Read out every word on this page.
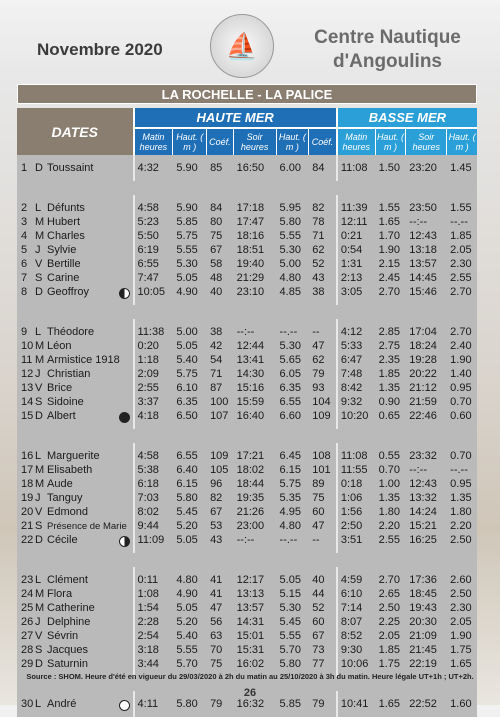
Novembre 2020 ⛵	Centre Nautique
d'Angoulins
LA ROCHELLE - LA PALICE										

DATES	HAUTE MER						BASSE MER			
	Matin heures	Haut. ( m )	Coéf.	Soir heures	Haut. ( m )	Coéf.	Matin heures	Haut. ( m )	Soir heures	Haut. ( m )

1 D Toussaint	4:32	5.90	85	16:50	6.00	84	11:08	1.50	23:20	1.45

2 L Défunts	4:58	5.90	84	17:18	5.95	82	11:39	1.55	23:50	1.55
3 M Hubert	5:23	5.85	80	17:47	5.80	78	12:11	1.65	--:--	--.--
4 M Charles	5:50	5.75	75	18:16	5.55	71	0:21	1.70	12:43	1.85
5 J Sylvie	6:19	5.55	67	18:51	5.30	62	0:54	1.90	13:18	2.05
6 V Bertille	6:55	5.30	58	19:40	5.00	52	1:31	2.15	13:57	2.30
7 S Carine	7:47	5.05	48	21:29	4.80	43	2:13	2.45	14:45	2.55
8 D Geoffroy	10:05	4.90	40	23:10	4.85	38	3:05	2.70	15:46	2.70

9 L Théodore	11:38	5.00	38	--:--	--.--	--	4:12	2.85	17:04	2.70
10 M Léon	0:20	5.05	42	12:44	5.30	47	5:33	2.75	18:24	2.40
11 M Armistice 1918	1:18	5.40	54	13:41	5.65	62	6:47	2.35	19:28	1.90
12 J Christian	2:09	5.75	71	14:30	6.05	79	7:48	1.85	20:22	1.40
13 V Brice	2:55	6.10	87	15:16	6.35	93	8:42	1.35	21:12	0.95
14 S Sidoine	3:37	6.35	100	15:59	6.55	104	9:32	0.90	21:59	0.70
15 D Albert	4:18	6.50	107	16:40	6.60	109	10:20	0.65	22:46	0.60

16 L Marguerite	4:58	6.55	109	17:21	6.45	108	11:08	0.55	23:32	0.70
17 M Elisabeth	5:38	6.40	105	18:02	6.15	101	11:55	0.70	--:--	--.--
18 M Aude	6:18	6.15	96	18:44	5.75	89	0:18	1.00	12:43	0.95
19 J Tanguy	7:03	5.80	82	19:35	5.35	75	1:06	1.35	13:32	1.35
20 V Edmond	8:02	5.45	67	21:26	4.95	60	1:56	1.80	14:24	1.80
21 S Présence de Marie	9:44	5.20	53	23:00	4.80	47	2:50	2.20	15:21	2.20
22 D Cécile	11:09	5.05	43	--:--	--.--	--	3:51	2.55	16:25	2.50

23 L Clément	0:11	4.80	41	12:17	5.05	40	4:59	2.70	17:36	2.60
24 M Flora	1:08	4.90	41	13:13	5.15	44	6:10	2.65	18:45	2.50
25 M Catherine	1:54	5.05	47	13:57	5.30	52	7:14	2.50	19:43	2.30
26 J Delphine	2:28	5.20	56	14:31	5.45	60	8:07	2.25	20:30	2.05
27 V Sévrin	2:54	5.40	63	15:01	5.55	67	8:52	2.05	21:09	1.90
28 S Jacques	3:18	5.55	70	15:31	5.70	73	9:30	1.85	21:45	1.75
29 D Saturnin	3:44	5.70	75	16:02	5.80	77	10:06	1.75	22:19	1.65

30 L André	4:11	5.80	79	16:32	5.85	79	10:41	1.65	22:52	1.60

Source : SHOM. Heure d'été en vigueur du 29/03/2020 à 2h du matin au 25/10/2020 à 3h du matin. Heure légale UT+1h ; UT+2h.
26
